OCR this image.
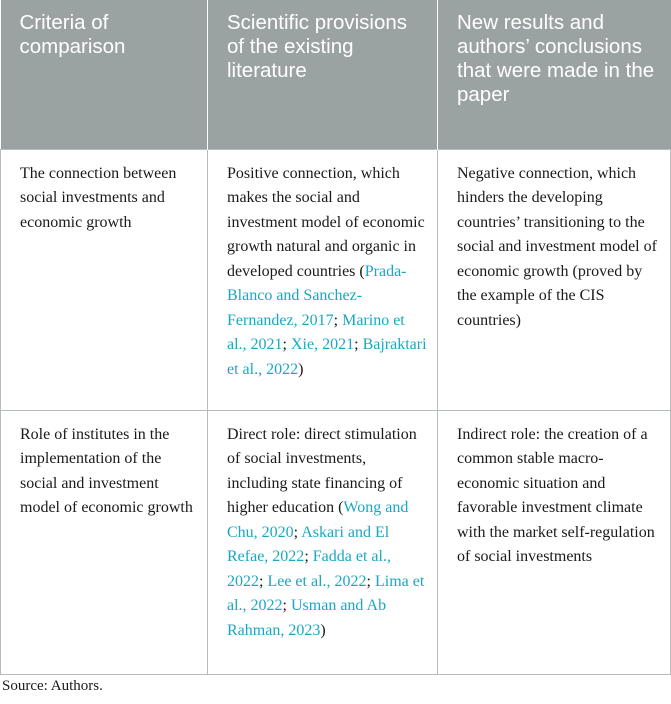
Criteria of comparison	Scientific provisions of the existing literature	New results and authors’ conclusions that were made in the paper
The connection between social investments and economic growth	Positive connection, which makes the social and investment model of economic growth natural and organic in developed countries (Prada-Blanco and Sanchez-Fernandez, 2017; Marino et al., 2021; Xie, 2021; Bajraktari et al., 2022)	Negative connection, which hinders the developing countries’ transitioning to the social and investment model of economic growth (proved by the example of the CIS countries)
Role of institutes in the implementation of the social and investment model of economic growth	Direct role: direct stimulation of social investments, including state financing of higher education (Wong and Chu, 2020; Askari and El Refae, 2022; Fadda et al., 2022; Lee et al., 2022; Lima et al., 2022; Usman and Ab Rahman, 2023)	Indirect role: the creation of a common stable macro-economic situation and favorable investment climate with the market self-regulation of social investments
Source: Authors.
